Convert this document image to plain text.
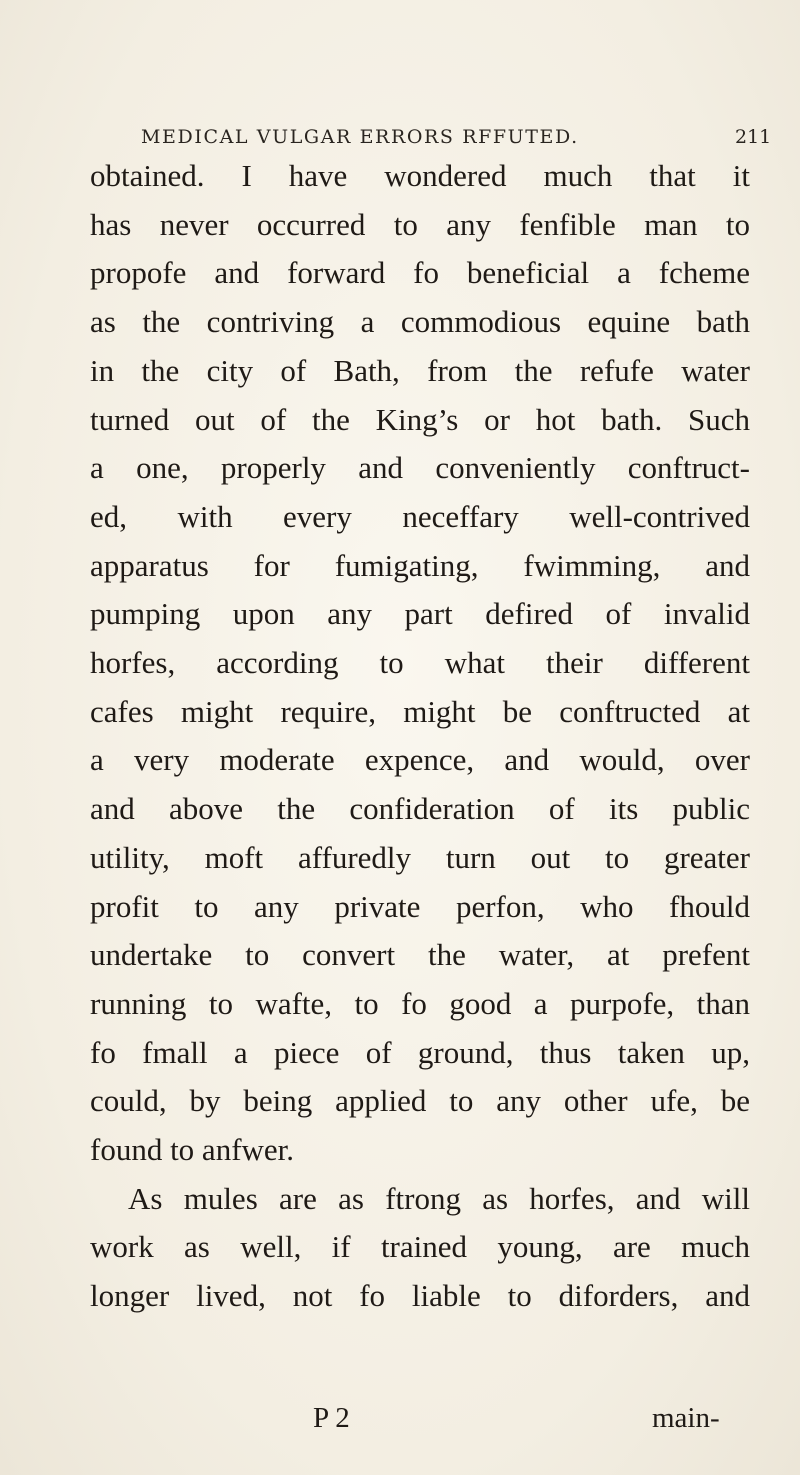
MEDICAL VULGAR ERRORS RFFUTED.	211
obtained. I have wondered much that it
has never occurred to any fenfible man to
propofe and forward fo beneficial a fcheme
as the contriving a commodious equine bath
in the city of Bath, from the refufe water
turned out of the King’s or hot bath. Such
a one, properly and conveniently conftruct-
ed, with every neceffary well-contrived
apparatus for fumigating, fwimming, and
pumping upon any part defired of invalid
horfes, according to what their different
cafes might require, might be conftructed at
a very moderate expence, and would, over
and above the confideration of its public
utility, moft affuredly turn out to greater
profit to any private perfon, who fhould
undertake to convert the water, at prefent
running to wafte, to fo good a purpofe, than
fo fmall a piece of ground, thus taken up,
could, by being applied to any other ufe, be
found to anfwer.
As mules are as ftrong as horfes, and will
work as well, if trained young, are much
longer lived, not fo liable to diforders, and
P 2	main-
